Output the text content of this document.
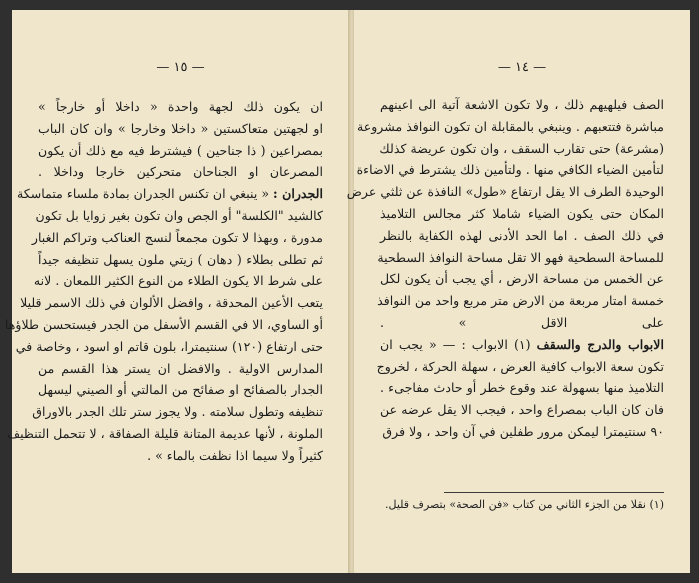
— ١٥ —
ان يكون ذلك لجهة واحدة « داخلا أو خارجاً »
او لجهتين متعاكستين « داخلا وخارجا » وان كان الباب
بمصراعين ( ذا جناحين ) فيشترط فيه مع ذلك أن يكون
المصرعان او الجناحان متحركين خارجا وداخلا .
الجدران : « ينبغي ان تكنس الجدران بمادة ملساء متماسكة
كالشيد "الكلسة" أو الجص وان تكون بغير زوايا بل تكون
مدورة ، وبهذا لا تكون مجمعاً لنسج العناكب وتراكم الغبار
ثم تطلى بطلاء ( دهان ) زيتي ملون يسهل تنظيفه جيداً
على شرط الا يكون الطلاء من النوع الكثير اللمعان . لانه
يتعب الأعين المحدقة ، وافضل الألوان في ذلك الاسمر قليلا
أو الساوي، الا في القسم الأسفل من الجدر فيستحسن طلاؤها
حتى ارتفاع (١٢٠) سنتيمترا، بلون قاتم او اسود ، وخاصة في
المدارس الاولية . والافضل ان يستر هذا القسم من
الجدار بالصفائح او صفائح من المالتي أو الصيني ليسهل
تنظيفه وتطول سلامته . ولا يجوز ستر تلك الجدر بالاوراق
الملونة ، لأنها عديمة المتانة قليلة الصفاقة ، لا تتحمل التنظيف
كثيراً ولا سيما اذا نظفت بالماء » .
— ١٤ —
الصف فيلهيهم ذلك ، ولا تكون الاشعة آتية الى اعينهم
مباشرة فتتعبهم . وينبغي بالمقابلة ان تكون النوافذ مشروعة
(مشرعة) حتى تقارب السقف ، وان تكون عريضة كذلك
لتأمين الضياء الكافي منها . ولتأمين ذلك يشترط في الاضاءة
الوحيدة الطرف الا يقل ارتفاع «طول» النافذة عن ثلثي عرض
المكان حتى يكون الضياء شاملا كثر مجالس التلاميذ
في ذلك الصف . اما الحد الأدنى لهذه الكفاية بالنظر
للمساحة السطحية فهو الا تقل مساحة النوافذ السطحية
عن الخمس من مساحة الارض ، أي يجب أن يكون لكل
خمسة امتار مربعة من الارض متر مربع واحد من النوافذ
على الاقل » .
الابواب والدرج والسقف (١) الابواب : — « يجب ان
تكون سعة الابواب كافية العرض ، سهلة الحركة ، لخروج
التلاميذ منها بسهولة عند وقوع خطر أو حادث مفاجىء .
فان كان الباب بمصراع واحد ، فيجب الا يقل عرضه عن
٩٠ سنتيمترا ليمكن مرور طفلين في آن واحد ، ولا فرق
(١) نقلا من الجزء الثاني من كتاب «فن الصحة» بتصرف قليل.
